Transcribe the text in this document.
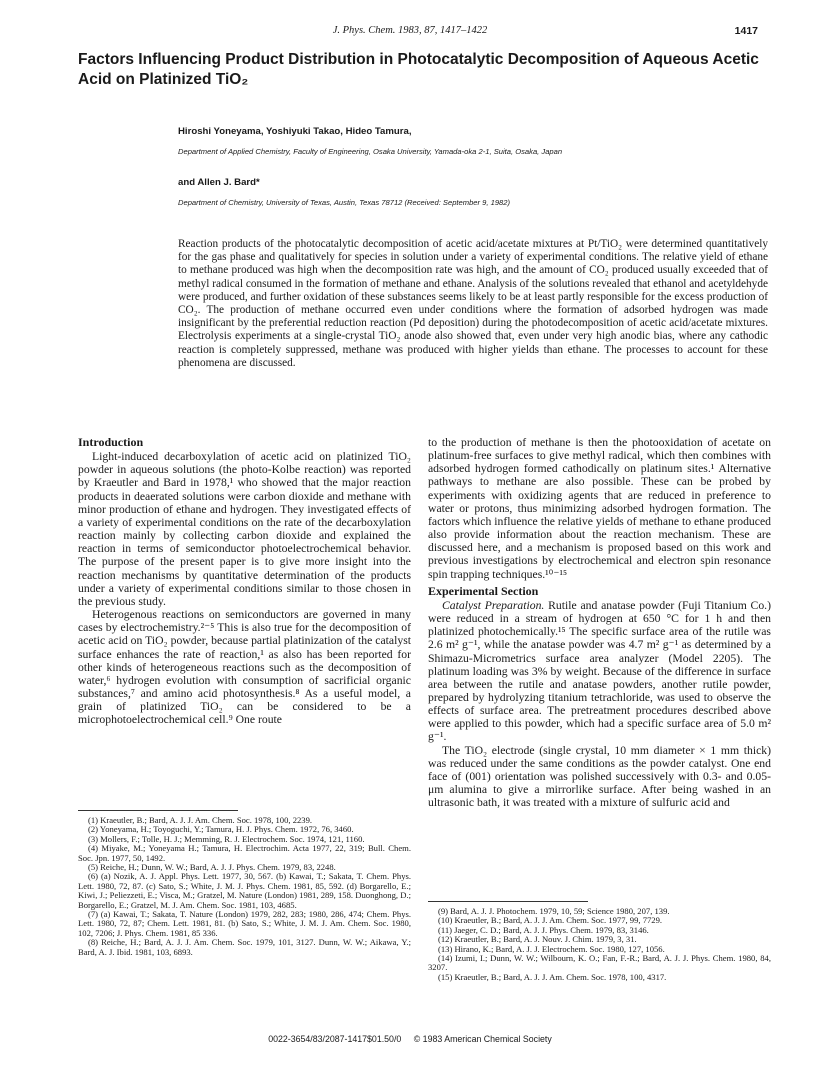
J. Phys. Chem. 1983, 87, 1417–1422	1417
Factors Influencing Product Distribution in Photocatalytic Decomposition of Aqueous Acetic Acid on Platinized TiO₂
Hiroshi Yoneyama, Yoshiyuki Takao, Hideo Tamura,
Department of Applied Chemistry, Faculty of Engineering, Osaka University, Yamada-oka 2-1, Suita, Osaka, Japan
and Allen J. Bard*
Department of Chemistry, University of Texas, Austin, Texas 78712 (Received: September 9, 1982)
Reaction products of the photocatalytic decomposition of acetic acid/acetate mixtures at Pt/TiO₂ were determined quantitatively for the gas phase and qualitatively for species in solution under a variety of experimental conditions. The relative yield of ethane to methane produced was high when the decomposition rate was high, and the amount of CO₂ produced usually exceeded that of methyl radical consumed in the formation of methane and ethane. Analysis of the solutions revealed that ethanol and acetyldehyde were produced, and further oxidation of these substances seems likely to be at least partly responsible for the excess production of CO₂. The production of methane occurred even under conditions where the formation of adsorbed hydrogen was made insignificant by the preferential reduction reaction (Pd deposition) during the photodecomposition of acetic acid/acetate mixtures. Electrolysis experiments at a single-crystal TiO₂ anode also showed that, even under very high anodic bias, where any cathodic reaction is completely suppressed, methane was produced with higher yields than ethane. The processes to account for these phenomena are discussed.
Introduction

Light-induced decarboxylation of acetic acid on platinized TiO₂ powder in aqueous solutions (the photo-Kolbe reaction) was reported by Kraeutler and Bard in 1978,¹ who showed that the major reaction products in deaerated solutions were carbon dioxide and methane with minor production of ethane and hydrogen. They investigated effects of a variety of experimental conditions on the rate of the decarboxylation reaction mainly by collecting carbon dioxide and explained the reaction in terms of semiconductor photoelectrochemical behavior. The purpose of the present paper is to give more insight into the reaction mechanisms by quantitative determination of the products under a variety of experimental conditions similar to those chosen in the previous study.

Heterogenous reactions on semiconductors are governed in many cases by electrochemistry.²⁻⁵ This is also true for the decomposition of acetic acid on TiO₂ powder, because partial platinization of the catalyst surface enhances the rate of reaction,¹ as also has been reported for other kinds of heterogeneous reactions such as the decomposition of water,⁶ hydrogen evolution with consumption of sacrificial organic substances,⁷ and amino acid photosynthesis.⁸ As a useful model, a grain of platinized TiO₂ can be considered to be a microphotoelectrochemical cell.⁹ One route

to the production of methane is then the photooxidation of acetate on platinum-free surfaces to give methyl radical, which then combines with adsorbed hydrogen formed cathodically on platinum sites.¹ Alternative pathways to methane are also possible. These can be probed by experiments with oxidizing agents that are reduced in preference to water or protons, thus minimizing adsorbed hydrogen formation. The factors which influence the relative yields of methane to ethane produced also provide information about the reaction mechanism. These are discussed here, and a mechanism is proposed based on this work and previous investigations by electrochemical and electron spin resonance spin trapping techniques.¹⁰⁻¹⁵

Experimental Section

Catalyst Preparation. Rutile and anatase powder (Fuji Titanium Co.) were reduced in a stream of hydrogen at 650 °C for 1 h and then platinized photochemically.¹⁵ The specific surface area of the rutile was 2.6 m² g⁻¹, while the anatase powder was 4.7 m² g⁻¹ as determined by a Shimazu-Micrometrics surface area analyzer (Model 2205). The platinum loading was 3% by weight. Because of the difference in surface area between the rutile and anatase powders, another rutile powder, prepared by hydrolyzing titanium tetrachloride, was used to observe the effects of surface area. The pretreatment procedures described above were applied to this powder, which had a specific surface area of 5.0 m² g⁻¹.

The TiO₂ electrode (single crystal, 10 mm diameter × 1 mm thick) was reduced under the same conditions as the powder catalyst. One end face of (001) orientation was polished successively with 0.3- and 0.05-μm alumina to give a mirrorlike surface. After being washed in an ultrasonic bath, it was treated with a mixture of sulfuric acid and

(1) Kraeutler, B.; Bard, A. J. J. Am. Chem. Soc. 1978, 100, 2239.

(2) Yoneyama, H.; Toyoguchi, Y.; Tamura, H. J. Phys. Chem. 1972, 76, 3460.

(3) Mollers, F.; Tolle, H. J.; Memming, R. J. Electrochem. Soc. 1974, 121, 1160.

(4) Miyake, M.; Yoneyama H.; Tamura, H. Electrochim. Acta 1977, 22, 319; Bull. Chem. Soc. Jpn. 1977, 50, 1492.

(5) Reiche, H.; Dunn, W. W.; Bard, A. J. J. Phys. Chem. 1979, 83, 2248.

(6) (a) Nozik, A. J. Appl. Phys. Lett. 1977, 30, 567. (b) Kawai, T.; Sakata, T. Chem. Phys. Lett. 1980, 72, 87. (c) Sato, S.; White, J. M. J. Phys. Chem. 1981, 85, 592. (d) Borgarello, E.; Kiwi, J.; Peliezzeti, E.; Visca, M.; Gratzel, M. Nature (London) 1981, 289, 158. Duonghong, D.; Borgarello, E.; Gratzel, M. J. Am. Chem. Soc. 1981, 103, 4685.

(7) (a) Kawai, T.; Sakata, T. Nature (London) 1979, 282, 283; 1980, 286, 474; Chem. Phys. Lett. 1980, 72, 87; Chem. Lett. 1981, 81. (b) Sato, S.; White, J. M. J. Am. Chem. Soc. 1980, 102, 7206; J. Phys. Chem. 1981, 85 336.

(8) Reiche, H.; Bard, A. J. J. Am. Chem. Soc. 1979, 101, 3127. Dunn, W. W.; Aikawa, Y.; Bard, A. J. Ibid. 1981, 103, 6893.

(9) Bard, A. J. J. Photochem. 1979, 10, 59; Science 1980, 207, 139.

(10) Kraeutler, B.; Bard, A. J. J. Am. Chem. Soc. 1977, 99, 7729.

(11) Jaeger, C. D.; Bard, A. J. J. Phys. Chem. 1979, 83, 3146.

(12) Kraeutler, B.; Bard, A. J. Nouv. J. Chim. 1979, 3, 31.

(13) Hirano, K.; Bard, A. J. J. Electrochem. Soc. 1980, 127, 1056.

(14) Izumi, I.; Dunn, W. W.; Wilbourn, K. O.; Fan, F.-R.; Bard, A. J. J. Phys. Chem. 1980, 84, 3207.

(15) Kraeutler, B.; Bard, A. J. J. Am. Chem. Soc. 1978, 100, 4317.

0022-3654/83/2087-1417$01.50/0 © 1983 American Chemical Society
